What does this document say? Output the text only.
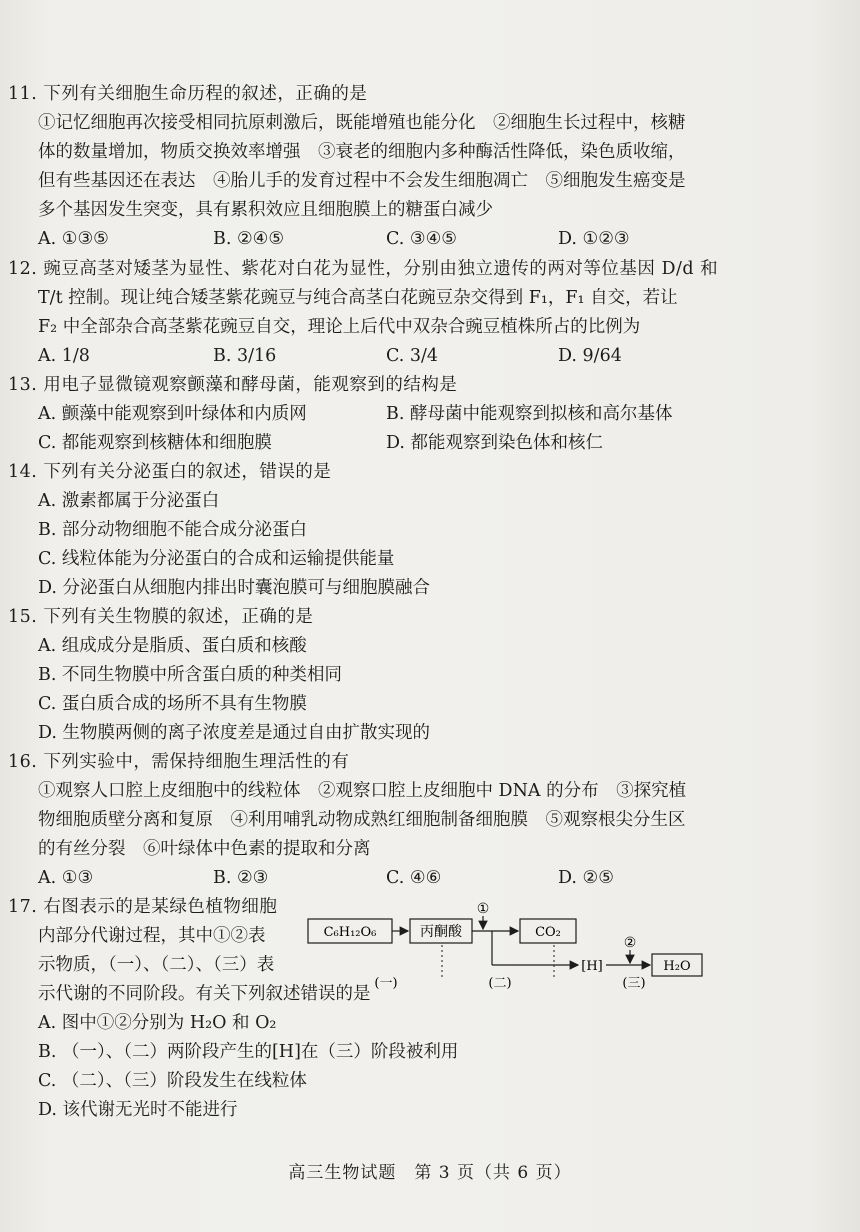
11. 下列有关细胞生命历程的叙述，正确的是
①记忆细胞再次接受相同抗原刺激后，既能增殖也能分化　②细胞生长过程中，核糖
体的数量增加，物质交换效率增强　③衰老的细胞内多种酶活性降低，染色质收缩，
但有些基因还在表达　④胎儿手的发育过程中不会发生细胞凋亡　⑤细胞发生癌变是
多个基因发生突变，具有累积效应且细胞膜上的糖蛋白减少
A. ①③⑤	B. ②④⑤	C. ③④⑤	D. ①②③
12. 豌豆高茎对矮茎为显性、紫花对白花为显性，分别由独立遗传的两对等位基因 D/d 和
T/t 控制。现让纯合矮茎紫花豌豆与纯合高茎白花豌豆杂交得到 F₁，F₁ 自交，若让
F₂ 中全部杂合高茎紫花豌豆自交，理论上后代中双杂合豌豆植株所占的比例为
A. 1/8	B. 3/16	C. 3/4	D. 9/64
13. 用电子显微镜观察颤藻和酵母菌，能观察到的结构是
A. 颤藻中能观察到叶绿体和内质网	B. 酵母菌中能观察到拟核和高尔基体
C. 都能观察到核糖体和细胞膜	D. 都能观察到染色体和核仁
14. 下列有关分泌蛋白的叙述，错误的是
A. 激素都属于分泌蛋白
B. 部分动物细胞不能合成分泌蛋白
C. 线粒体能为分泌蛋白的合成和运输提供能量
D. 分泌蛋白从细胞内排出时囊泡膜可与细胞膜融合
15. 下列有关生物膜的叙述，正确的是
A. 组成成分是脂质、蛋白质和核酸
B. 不同生物膜中所含蛋白质的种类相同
C. 蛋白质合成的场所不具有生物膜
D. 生物膜两侧的离子浓度差是通过自由扩散实现的
16. 下列实验中，需保持细胞生理活性的有
①观察人口腔上皮细胞中的线粒体　②观察口腔上皮细胞中 DNA 的分布　③探究植
物细胞质壁分离和复原　④利用哺乳动物成熟红细胞制备细胞膜　⑤观察根尖分生区
的有丝分裂　⑥叶绿体中色素的提取和分离
A. ①③	B. ②③	C. ④⑥	D. ②⑤
17. 右图表示的是某绿色植物细胞
内部分代谢过程，其中①②表
示物质，（一）、（二）、（三）表
示代谢的不同阶段。有关下列叙述错误的是
A. 图中①②分别为 H₂O 和 O₂
B. （一）、（二）两阶段产生的[H]在（三）阶段被利用
C. （二）、（三）阶段发生在线粒体
D. 该代谢无光时不能进行
C₆H₁₂O₆	丙酮酸
①
CO₂
[H]
②
H₂O
(一)	(二)	(三)
高三生物试题　第 3 页（共 6 页）
